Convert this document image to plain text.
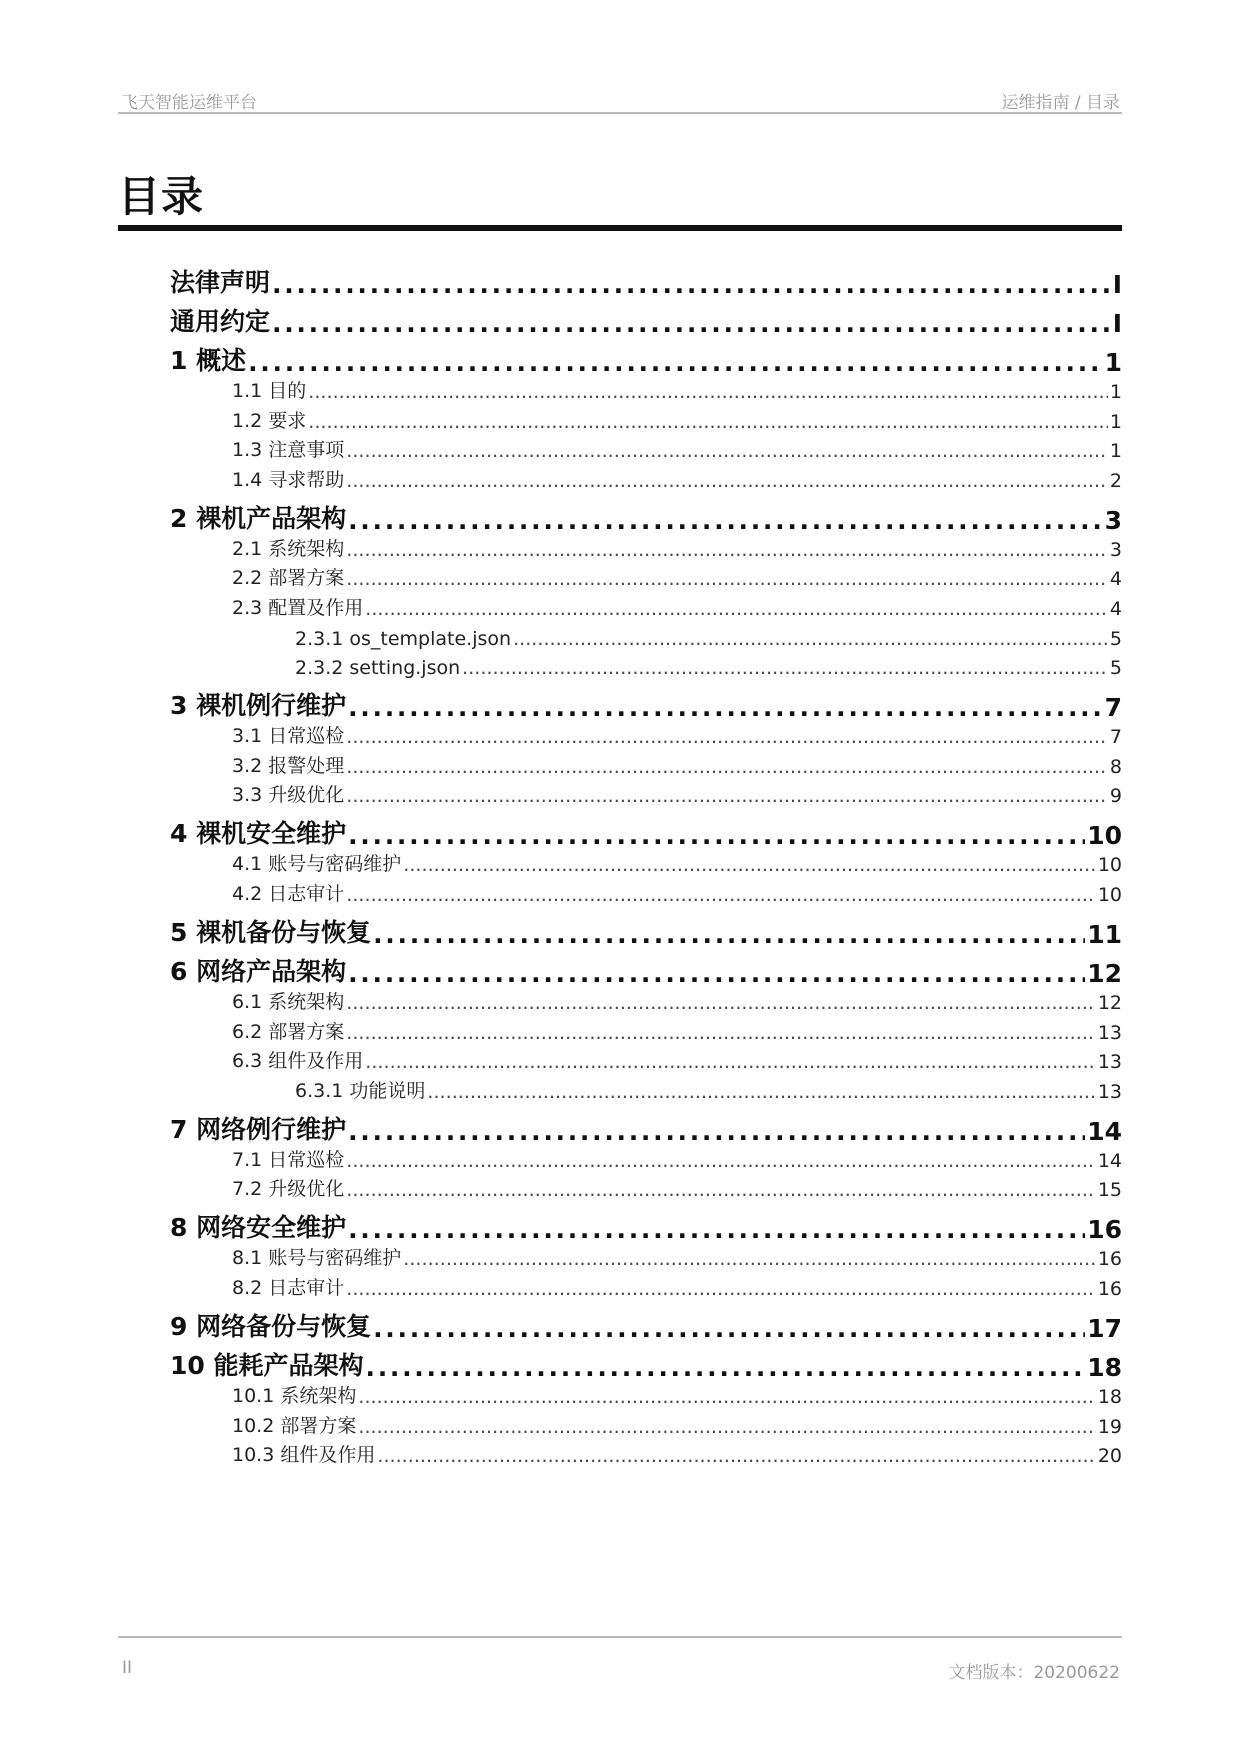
飞天智能运维平台	运维指南 / 目录
目录
法律声明 . . .	I
通用约定 . . .	I
1 概述 . . .	1
1.1 目的 . . .	1
1.2 要求 . . .	1
1.3 注意事项 . . .	1
1.4 寻求帮助 . . .	2
2 裸机产品架构 . . .	3
2.1 系统架构 . . .	3
2.2 部署方案 . . .	4
2.3 配置及作用 . . .	4
2.3.1 os_template.json . . .	5
2.3.2 setting.json . . .	5
3 裸机例行维护 . . .	7
3.1 日常巡检 . . .	7
3.2 报警处理 . . .	8
3.3 升级优化 . . .	9
4 裸机安全维护 . . .	10
4.1 账号与密码维护 . . .	10
4.2 日志审计 . . .	10
5 裸机备份与恢复 . . .	11
6 网络产品架构 . . .	12
6.1 系统架构 . . .	12
6.2 部署方案 . . .	13
6.3 组件及作用 . . .	13
6.3.1 功能说明 . . .	13
7 网络例行维护 . . .	14
7.1 日常巡检 . . .	14
7.2 升级优化 . . .	15
8 网络安全维护 . . .	16
8.1 账号与密码维护 . . .	16
8.2 日志审计 . . .	16
9 网络备份与恢复 . . .	17
10 能耗产品架构 . . .	18
10.1 系统架构 . . .	18
10.2 部署方案 . . .	19
10.3 组件及作用 . . .	20
II	文档版本：20200622
